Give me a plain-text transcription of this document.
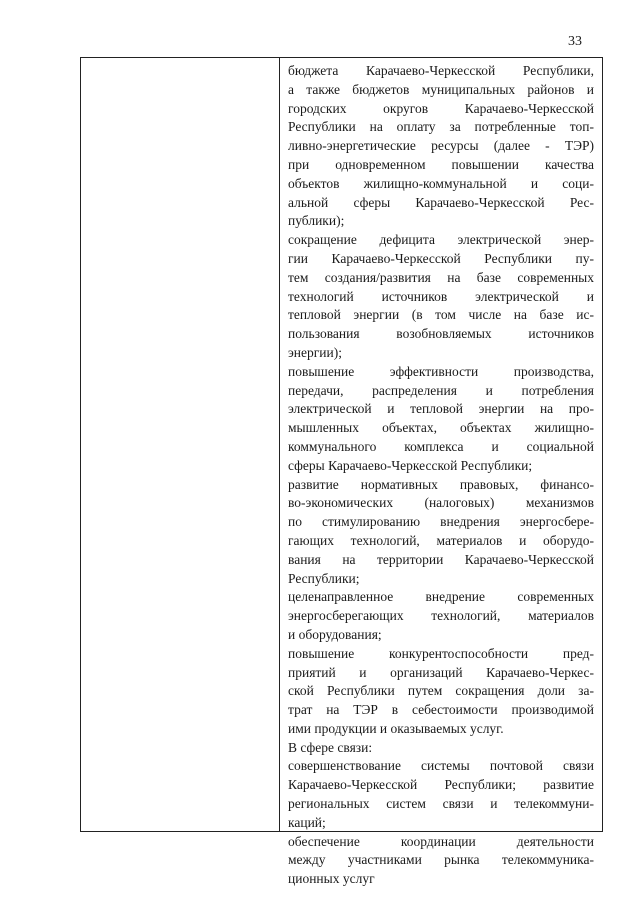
33
бюджета Карачаево-Черкесской Республики,
а также бюджетов муниципальных районов и
городских округов Карачаево-Черкесской
Республики на оплату за потребленные топ-
ливно-энергетические ресурсы (далее - ТЭР)
при одновременном повышении качества
объектов жилищно-коммунальной и соци-
альной сферы Карачаево-Черкесской Рес-
публики);
сокращение дефицита электрической энер-
гии Карачаево-Черкесской Республики пу-
тем создания/развития на базе современных
технологий источников электрической и
тепловой энергии (в том числе на базе ис-
пользования возобновляемых источников
энергии);
повышение эффективности производства,
передачи, распределения и потребления
электрической и тепловой энергии на про-
мышленных объектах, объектах жилищно-
коммунального комплекса и социальной
сферы Карачаево-Черкесской Республики;
развитие нормативных правовых, финансо-
во-экономических (налоговых) механизмов
по стимулированию внедрения энергосбере-
гающих технологий, материалов и оборудо-
вания на территории Карачаево-Черкесской
Республики;
целенаправленное внедрение современных
энергосберегающих технологий, материалов
и оборудования;
повышение конкурентоспособности пред-
приятий и организаций Карачаево-Черкес-
ской Республики путем сокращения доли за-
трат на ТЭР в себестоимости производимой
ими продукции и оказываемых услуг.
В сфере связи:
совершенствование системы почтовой связи
Карачаево-Черкесской Республики; развитие
региональных систем связи и телекоммуни-
каций;
обеспечение координации деятельности
между участниками рынка телекоммуника-
ционных услуг
